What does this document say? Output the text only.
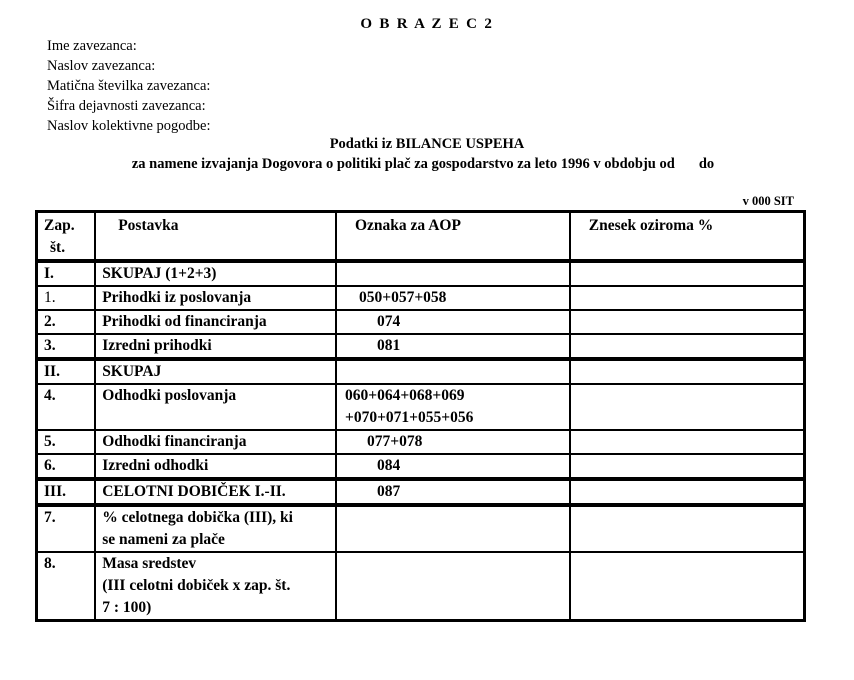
O B R A Z E C 2
Ime zavezanca:
Naslov zavezanca:
Matična številka zavezanca:
Šifra dejavnosti zavezanca:
Naslov kolektivne pogodbe:
Podatki iz BILANCE USPEHA
za namene izvajanja Dogovora o politiki plač za gospodarstvo za leto 1996 v obdobju od do
v 000 SIT
Zap.
št.	Postavka	Oznaka za AOP	Znesek oziroma %
I.	SKUPAJ (1+2+3)		
1.	Prihodki iz poslovanja	050+057+058	
2.	Prihodki od financiranja	074	
3.	Izredni prihodki	081	
II.	SKUPAJ		
4.	Odhodki poslovanja	060+064+068+069
+070+071+055+056	

5.	Odhodki financiranja	077+078	
6.	Izredni odhodki	084	
III.	CELOTNI DOBIČEK I.-II.	087	
7.	% celotnega dobička (III), ki
se nameni za plače		

8.	Masa sredstev
(III celotni dobiček x zap. št.
7 : 100)		
